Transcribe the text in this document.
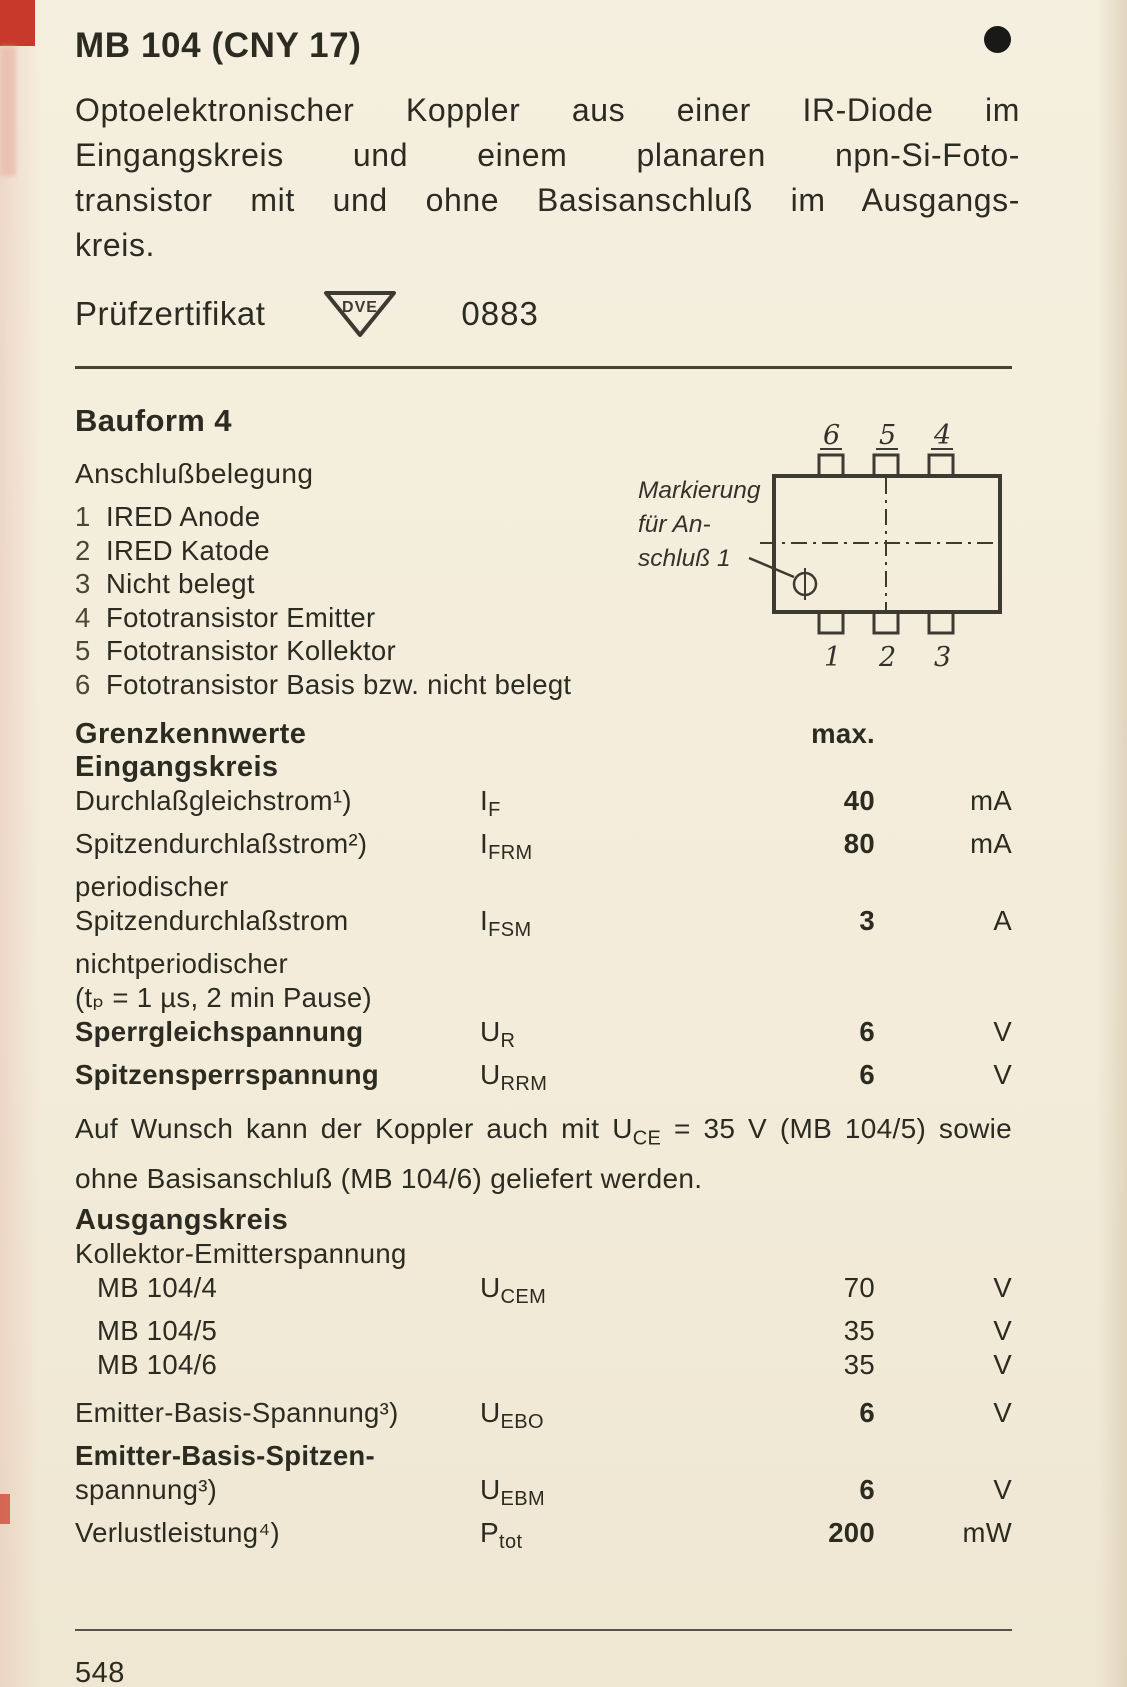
MB 104 (CNY 17)
Optoelektronischer Koppler aus einer IR-Diode im
Eingangskreis und einem planaren npn-Si-Foto-
transistor mit und ohne Basisanschluß im Ausgangs-
kreis.
Prüfzertifikat	DVE	0883
Bauform 4
Anschlußbelegung
1 IRED Anode
2 IRED Katode
3 Nicht belegt
4 Fototransistor Emitter
5 Fototransistor Kollektor
6 Fototransistor Basis bzw. nicht belegt
Grenzkennwerte	max.
Eingangskreis
Durchlaßgleichstrom¹)	$I_F$	40	mA
Spitzendurchlaßstrom²)	$I_{FRM}$	80	mA
periodischer
Spitzendurchlaßstrom	$I_{FSM}$	3	A
nichtperiodischer
(tₚ = 1 µs, 2 min Pause)
Sperrgleichspannung	$U_R$	6	V
Spitzensperrspannung	$U_{RRM}$	6	V
Auf Wunsch kann der Koppler auch mit $U_{CE} = 35$ V (MB 104/5) sowie ohne Basisanschluß (MB 104/6) geliefert werden.
Ausgangskreis
Kollektor-Emitterspannung
MB 104/4	$U_{CEM}$	70	V
MB 104/5	35	V
MB 104/6	35	V
Emitter-Basis-Spannung³)	$U_{EBO}$	6	V
Emitter-Basis-Spitzen-
spannung³)	$U_{EBM}$	6	V
Verlustleistung⁴)	$P_{tot}$	200	mW
548
Markierung
für An-
schluß 1
6 5 4
1 2 3
